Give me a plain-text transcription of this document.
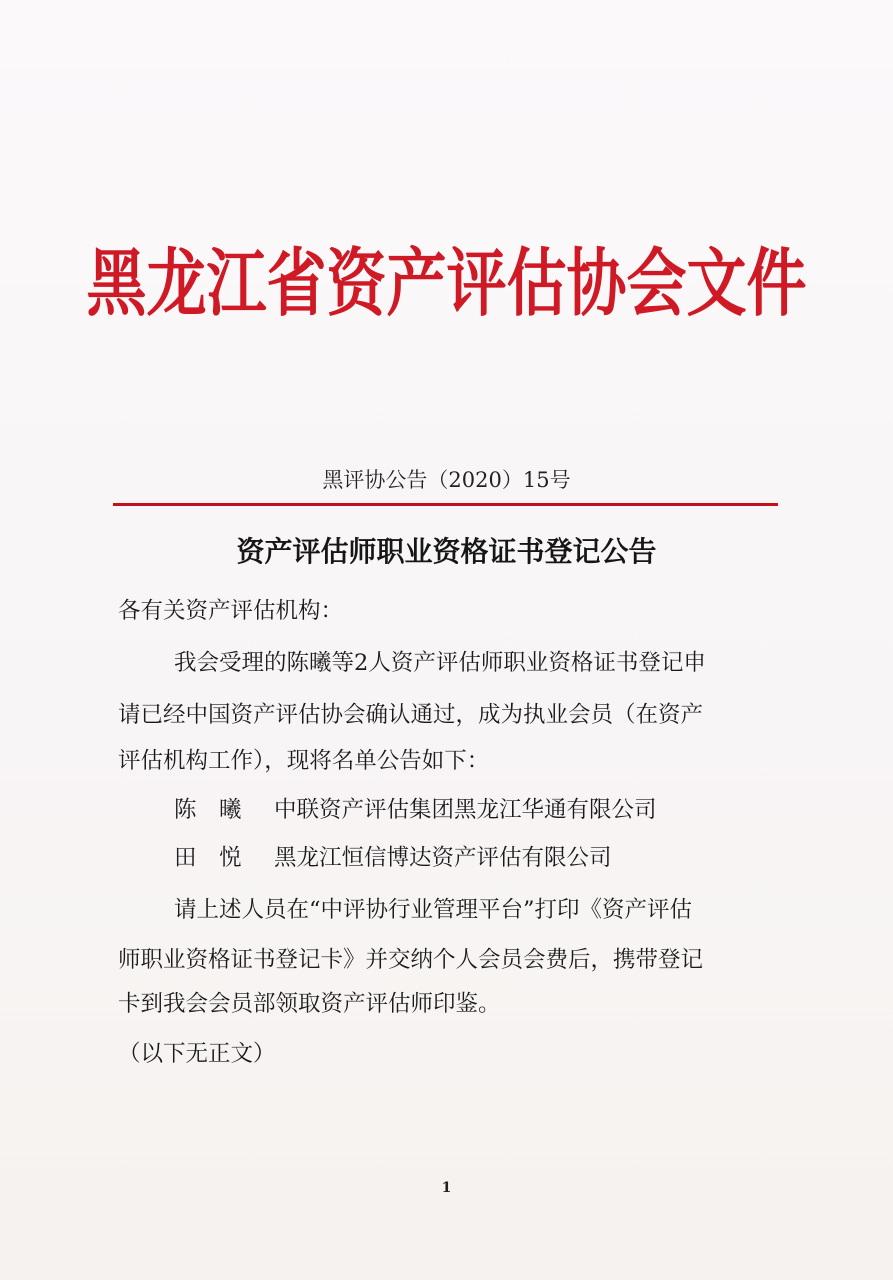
黑龙江省资产评估协会文件
黑评协公告（2020）15号
资产评估师职业资格证书登记公告
各有关资产评估机构：
我会受理的陈曦等2人资产评估师职业资格证书登记申
请已经中国资产评估协会确认通过，成为执业会员（在资产
评估机构工作），现将名单公告如下：
陈　曦 中联资产评估集团黑龙江华通有限公司
田　悦 黑龙江恒信博达资产评估有限公司
请上述人员在“中评协行业管理平台”打印《资产评估
师职业资格证书登记卡》并交纳个人会员会费后，携带登记
卡到我会会员部领取资产评估师印鉴。
（以下无正文）
1
